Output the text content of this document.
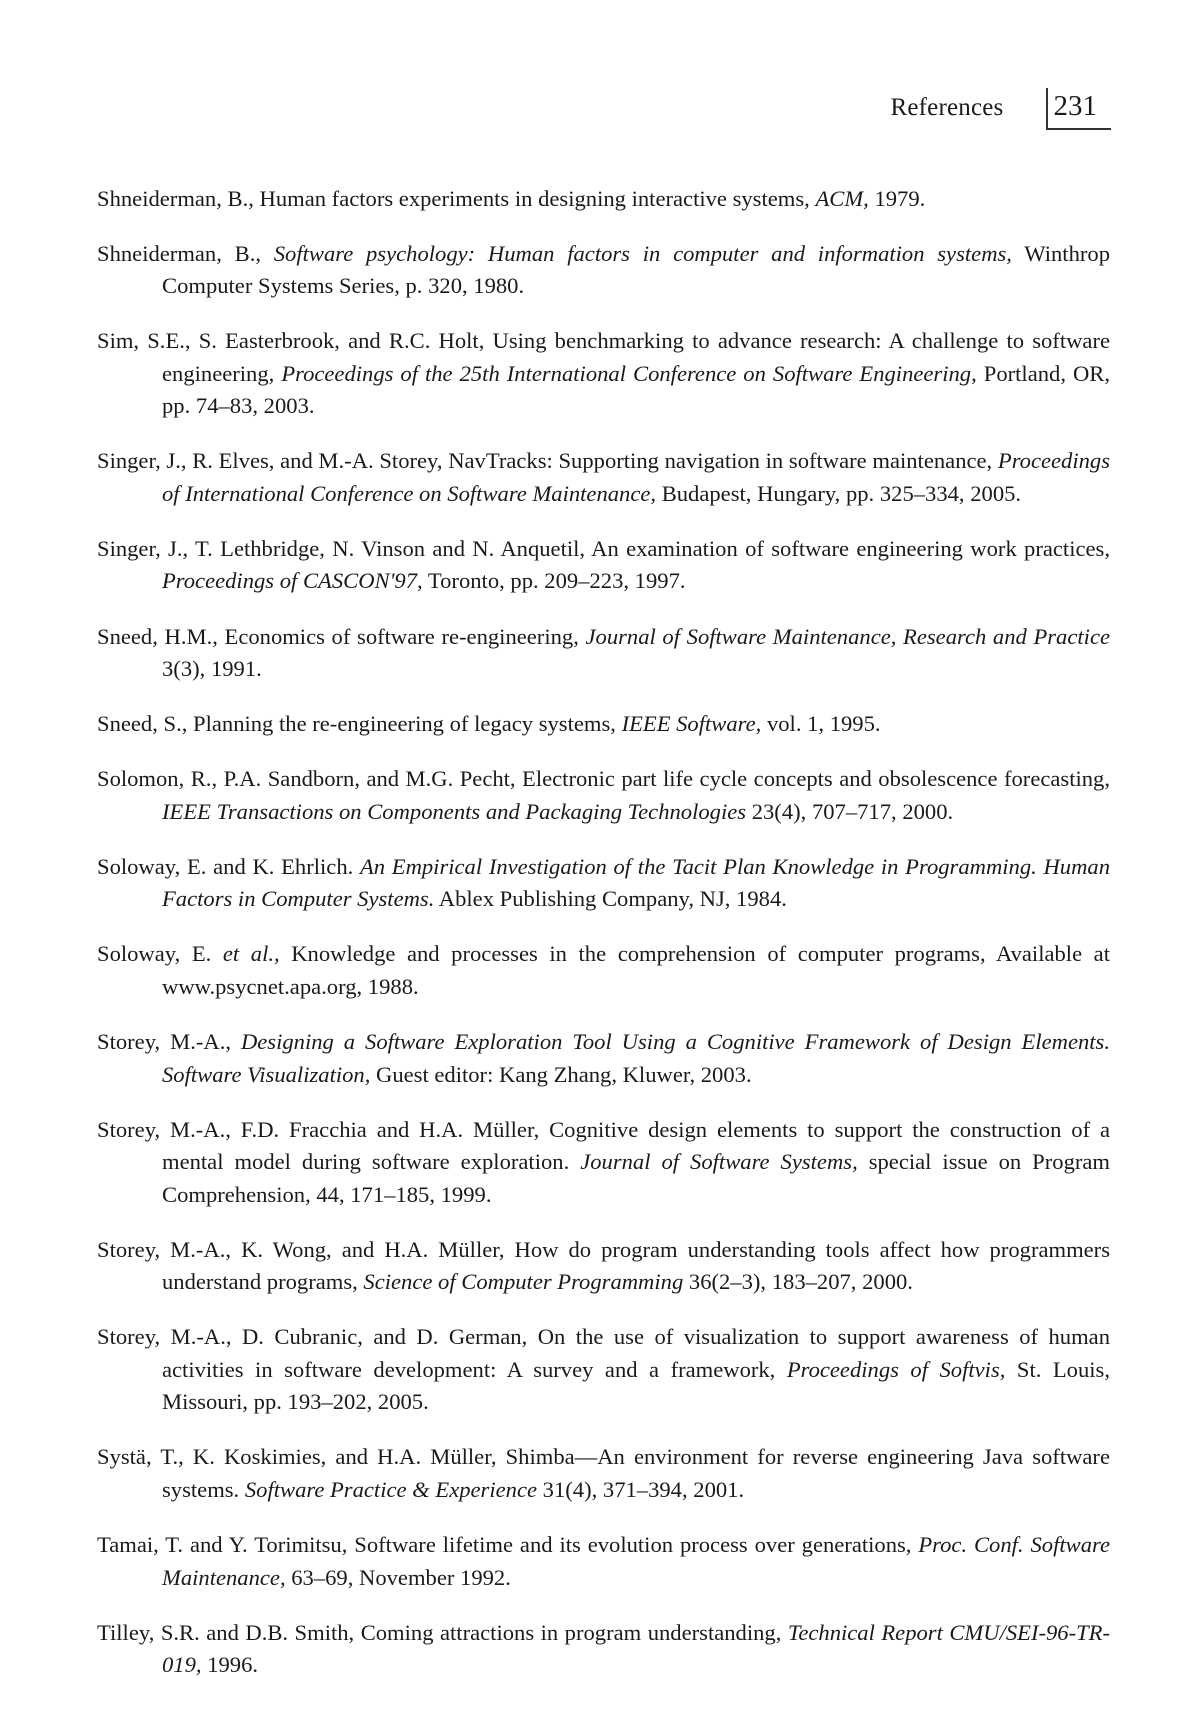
References 231

Shneiderman, B., Human factors experiments in designing interactive systems, ACM, 1979.

Shneiderman, B., Software psychology: Human factors in computer and information systems, Winthrop Computer Systems Series, p. 320, 1980.

Sim, S.E., S. Easterbrook, and R.C. Holt, Using benchmarking to advance research: A challenge to software engineering, Proceedings of the 25th International Conference on Software Engineering, Portland, OR, pp. 74–83, 2003.

Singer, J., R. Elves, and M.-A. Storey, NavTracks: Supporting navigation in software maintenance, Proceedings of International Conference on Software Maintenance, Budapest, Hungary, pp. 325–334, 2005.

Singer, J., T. Lethbridge, N. Vinson and N. Anquetil, An examination of software engineering work practices, Proceedings of CASCON'97, Toronto, pp. 209–223, 1997.

Sneed, H.M., Economics of software re-engineering, Journal of Software Maintenance, Research and Practice 3(3), 1991.

Sneed, S., Planning the re-engineering of legacy systems, IEEE Software, vol. 1, 1995.

Solomon, R., P.A. Sandborn, and M.G. Pecht, Electronic part life cycle concepts and obsolescence forecasting, IEEE Transactions on Components and Packaging Technologies 23(4), 707–717, 2000.

Soloway, E. and K. Ehrlich. An Empirical Investigation of the Tacit Plan Knowledge in Programming. Human Factors in Computer Systems. Ablex Publishing Company, NJ, 1984.

Soloway, E. et al., Knowledge and processes in the comprehension of computer programs, Available at www.psycnet.apa.org, 1988.

Storey, M.-A., Designing a Software Exploration Tool Using a Cognitive Framework of Design Elements. Software Visualization, Guest editor: Kang Zhang, Kluwer, 2003.

Storey, M.-A., F.D. Fracchia and H.A. Müller, Cognitive design elements to support the construction of a mental model during software exploration. Journal of Software Systems, special issue on Program Comprehension, 44, 171–185, 1999.

Storey, M.-A., K. Wong, and H.A. Müller, How do program understanding tools affect how programmers understand programs, Science of Computer Programming 36(2–3), 183–207, 2000.

Storey, M.-A., D. Cubranic, and D. German, On the use of visualization to support awareness of human activities in software development: A survey and a framework, Proceedings of Softvis, St. Louis, Missouri, pp. 193–202, 2005.

Systä, T., K. Koskimies, and H.A. Müller, Shimba—An environment for reverse engineering Java software systems. Software Practice & Experience 31(4), 371–394, 2001.

Tamai, T. and Y. Torimitsu, Software lifetime and its evolution process over generations, Proc. Conf. Software Maintenance, 63–69, November 1992.

Tilley, S.R. and D.B. Smith, Coming attractions in program understanding, Technical Report CMU/SEI-96-TR-019, 1996.
